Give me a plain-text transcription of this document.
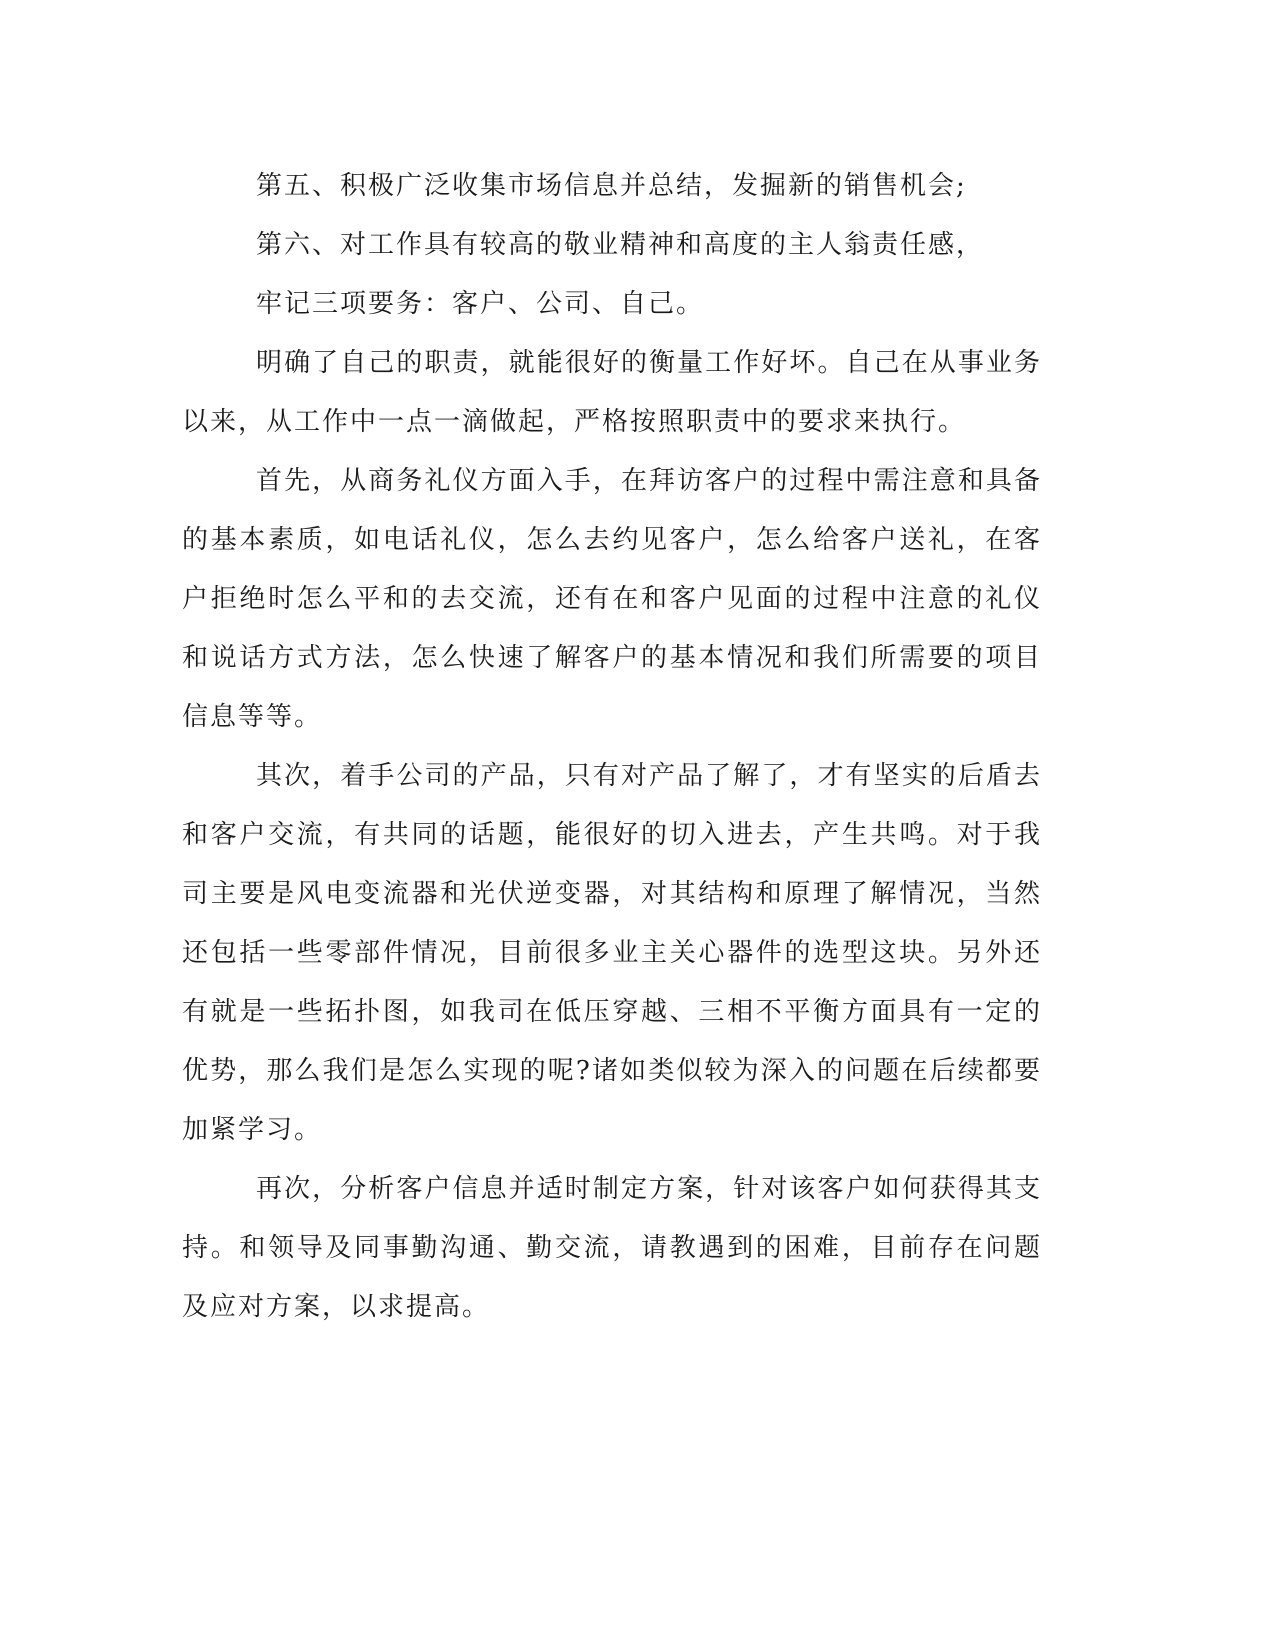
第五、积极广泛收集市场信息并总结，发掘新的销售机会;

第六、对工作具有较高的敬业精神和高度的主人翁责任感，

牢记三项要务：客户、公司、自己。

明确了自己的职责，就能很好的衡量工作好坏。自己在从事业务以来，从工作中一点一滴做起，严格按照职责中的要求来执行。

首先，从商务礼仪方面入手，在拜访客户的过程中需注意和具备的基本素质，如电话礼仪，怎么去约见客户，怎么给客户送礼，在客户拒绝时怎么平和的去交流，还有在和客户见面的过程中注意的礼仪和说话方式方法，怎么快速了解客户的基本情况和我们所需要的项目信息等等。

其次，着手公司的产品，只有对产品了解了，才有坚实的后盾去和客户交流，有共同的话题，能很好的切入进去，产生共鸣。对于我司主要是风电变流器和光伏逆变器，对其结构和原理了解情况，当然还包括一些零部件情况，目前很多业主关心器件的选型这块。另外还有就是一些拓扑图，如我司在低压穿越、三相不平衡方面具有一定的优势，那么我们是怎么实现的呢?诸如类似较为深入的问题在后续都要加紧学习。

再次，分析客户信息并适时制定方案，针对该客户如何获得其支持。和领导及同事勤沟通、勤交流，请教遇到的困难，目前存在问题及应对方案，以求提高。
